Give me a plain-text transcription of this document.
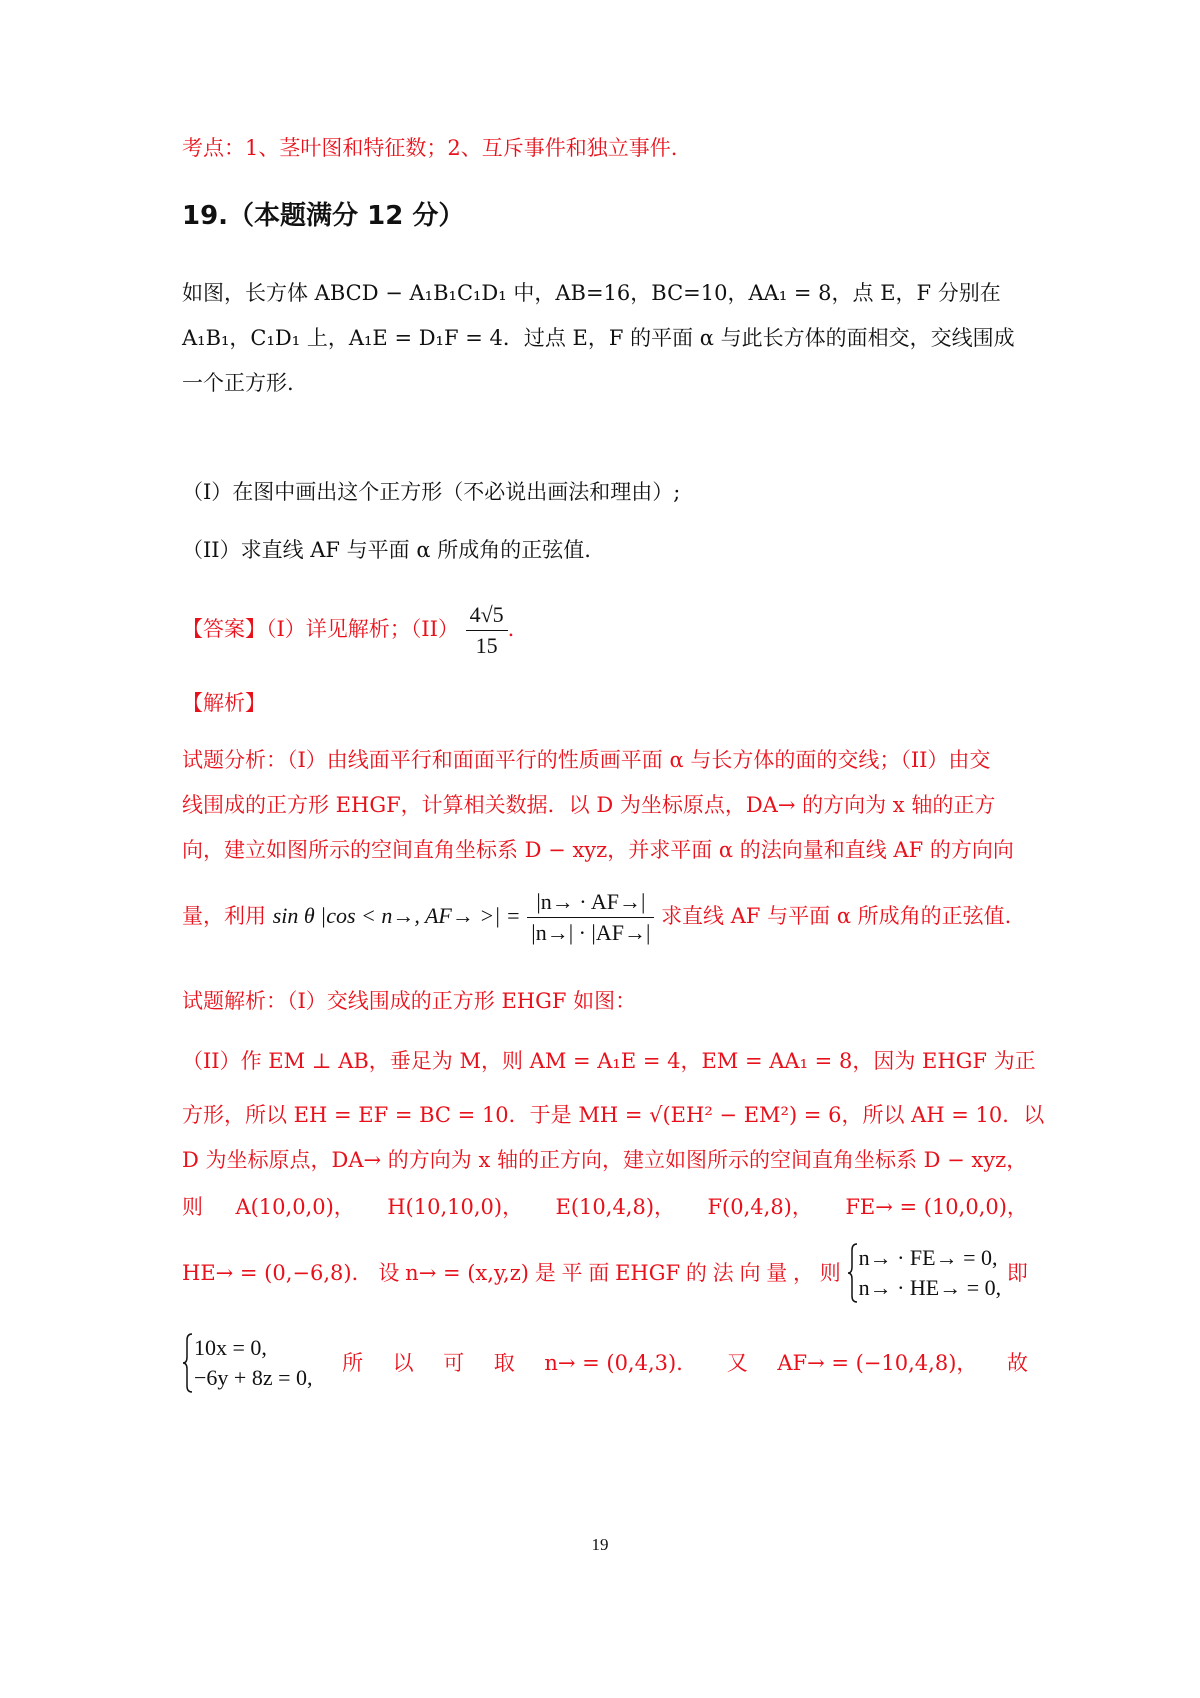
考点：1、茎叶图和特征数；2、互斥事件和独立事件.
19.（本题满分 12 分）
如图，长方体 ABCD − A₁B₁C₁D₁ 中，AB=16，BC=10，AA₁ = 8，点 E，F 分别在
A₁B₁，C₁D₁ 上，A₁E = D₁F = 4．过点 E，F 的平面 α 与此长方体的面相交，交线围成
一个正方形.
（I）在图中画出这个正方形（不必说出画法和理由）;
（II）求直线 AF 与平面 α 所成角的正弦值.
【答案】（I）详见解析；$(II) \frac{4√5}{15}$ .
【解析】
试题分析：（I）由线面平行和面面平行的性质画平面 α 与长方体的面的交线；（II）由交
线围成的正方形 EHGF，计算相关数据．以 D 为坐标原点，DA→ 的方向为 x 轴的正方
向，建立如图所示的空间直角坐标系 D − xyz，并求平面 α 的法向量和直线 AF 的方向向
量，利用 sin θ |cos < n→, AF→ >| = $\frac{|n\to \cdot AF\to|}{|n\to| \cdot |AF\to|}$ 求直线 AF 与平面 α 所成角的正弦值.
试题解析：（I）交线围成的正方形 EHGF 如图：
（II）作 EM ⊥ AB，垂足为 M，则 AM = A₁E = 4，EM = AA₁ = 8，因为 EHGF 为正
方形，所以 EH = EF = BC = 10．于是 MH = √(EH² − EM²) = 6，所以 AH = 10．以
D 为坐标原点，DA→ 的方向为 x 轴的正方向，建立如图所示的空间直角坐标系 D − xyz，
则 A(10,0,0)， H(10,10,0)， E(10,4,8)， F(0,4,8)， FE→ = (10,0,0)，
HE→ = (0,−6,8)． 设 n→ = (x,y,z) 是 平 面 EHGF 的 法 向 量 ， 则
n→ · FE→ = 0,
n→ · HE→ = 0,
即
10x = 0,
−6y + 8z = 0,
所 以 可 取 n→ = (0,4,3)． 又 AF→ = (−10,4,8)， 故
19
